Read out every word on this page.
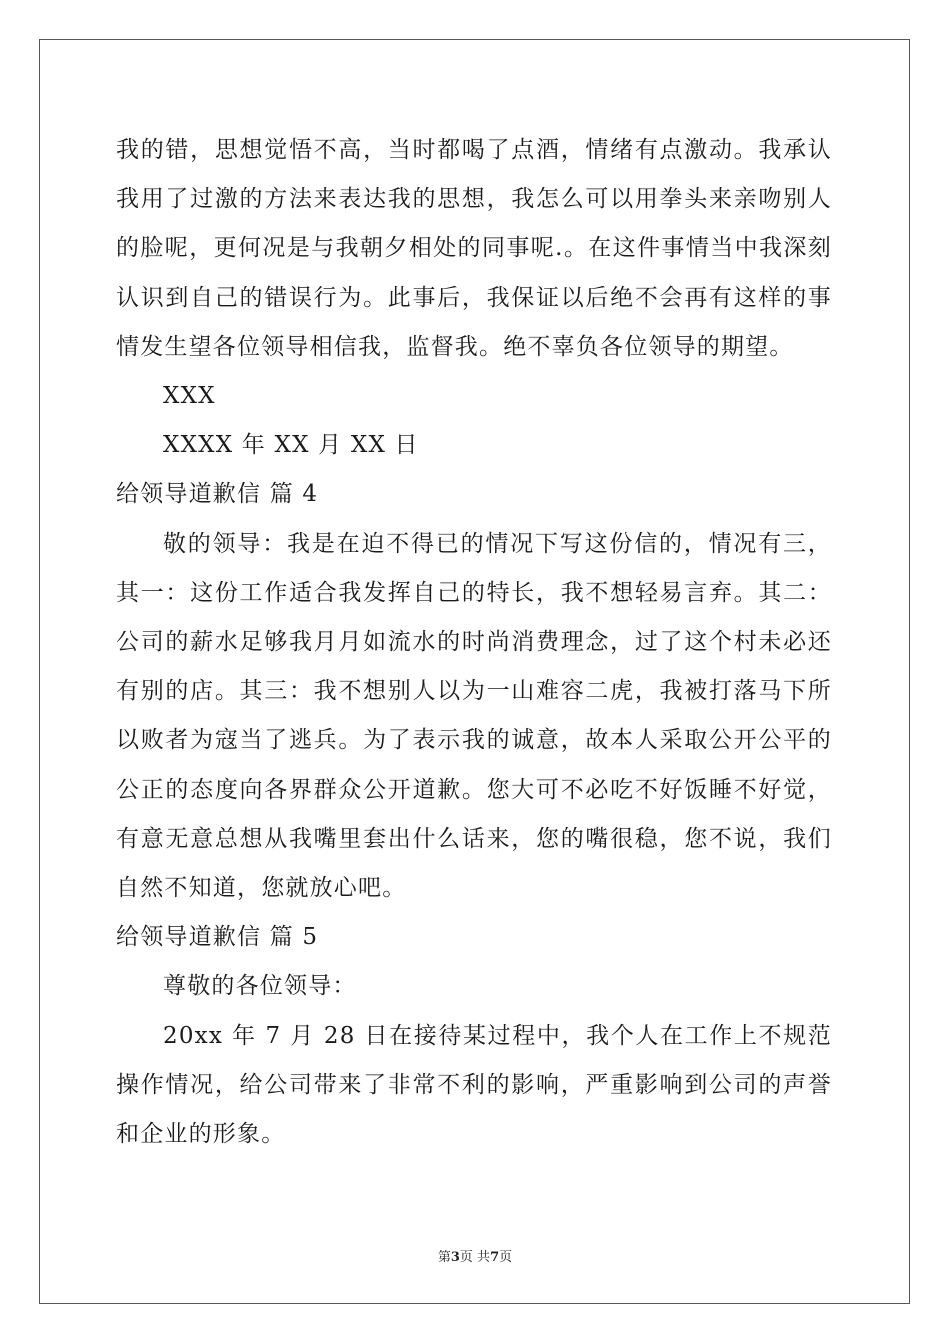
我的错，思想觉悟不高，当时都喝了点酒，情绪有点激动。我承认我用了过激的方法来表达我的思想，我怎么可以用拳头来亲吻别人的脸呢，更何况是与我朝夕相处的同事呢.。在这件事情当中我深刻认识到自己的错误行为。此事后，我保证以后绝不会再有这样的事情发生望各位领导相信我，监督我。绝不辜负各位领导的期望。

XXX

XXXX 年 XX 月 XX 日

给领导道歉信 篇 4

敬的领导：我是在迫不得已的情况下写这份信的，情况有三，其一：这份工作适合我发挥自己的特长，我不想轻易言弃。其二：公司的薪水足够我月月如流水的时尚消费理念，过了这个村未必还有别的店。其三：我不想别人以为一山难容二虎，我被打落马下所以败者为寇当了逃兵。为了表示我的诚意，故本人采取公开公平的公正的态度向各界群众公开道歉。您大可不必吃不好饭睡不好觉，有意无意总想从我嘴里套出什么话来，您的嘴很稳，您不说，我们自然不知道，您就放心吧。

给领导道歉信 篇 5

尊敬的各位领导：

20xx 年 7 月 28 日在接待某过程中，我个人在工作上不规范操作情况，给公司带来了非常不利的影响，严重影响到公司的声誉和企业的形象。

第3页 共7页
